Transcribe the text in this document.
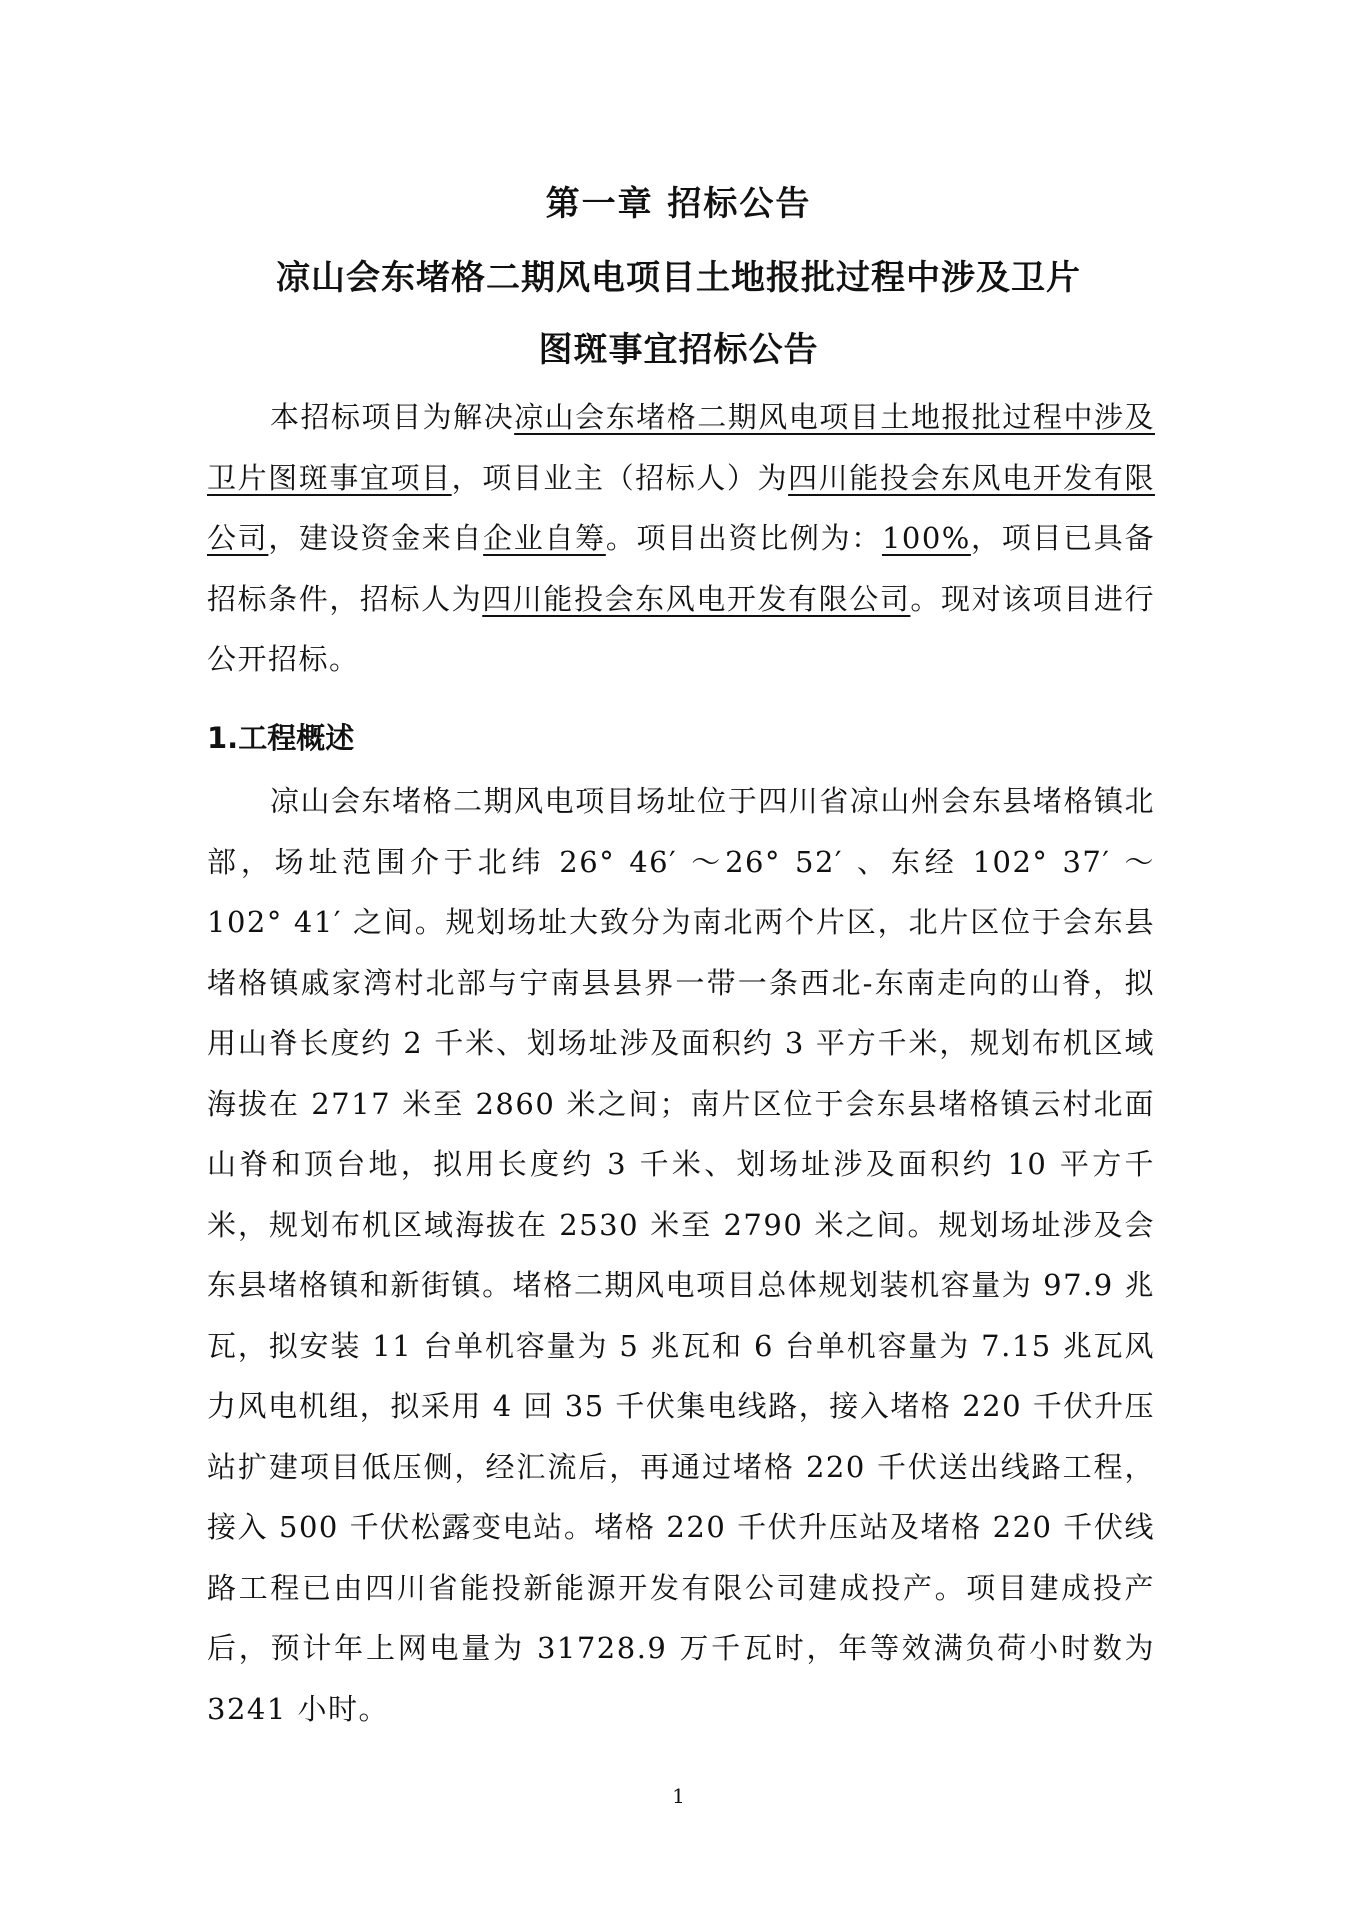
第一章 招标公告
凉山会东堵格二期风电项目土地报批过程中涉及卫片
图斑事宜招标公告

本招标项目为解决凉山会东堵格二期风电项目土地报批过程中涉及卫片图斑事宜项目，项目业主（招标人）为四川能投会东风电开发有限公司，建设资金来自企业自筹。项目出资比例为：100%，项目已具备招标条件，招标人为四川能投会东风电开发有限公司。现对该项目进行公开招标。

1.工程概述

凉山会东堵格二期风电项目场址位于四川省凉山州会东县堵格镇北部，场址范围介于北纬 26° 46′ ～26° 52′ 、东经 102° 37′ ～102° 41′ 之间。规划场址大致分为南北两个片区，北片区位于会东县堵格镇戚家湾村北部与宁南县县界一带一条西北-东南走向的山脊，拟用山脊长度约 2 千米、划场址涉及面积约 3 平方千米，规划布机区域海拔在 2717 米至 2860 米之间；南片区位于会东县堵格镇云村北面山脊和顶台地，拟用长度约 3 千米、划场址涉及面积约 10 平方千米，规划布机区域海拔在 2530 米至 2790 米之间。规划场址涉及会东县堵格镇和新街镇。堵格二期风电项目总体规划装机容量为 97.9 兆瓦，拟安装 11 台单机容量为 5 兆瓦和 6 台单机容量为 7.15 兆瓦风力风电机组，拟采用 4 回 35 千伏集电线路，接入堵格 220 千伏升压站扩建项目低压侧，经汇流后，再通过堵格 220 千伏送出线路工程，接入 500 千伏松露变电站。堵格 220 千伏升压站及堵格 220 千伏线路工程已由四川省能投新能源开发有限公司建成投产。项目建成投产后，预计年上网电量为 31728.9 万千瓦时，年等效满负荷小时数为 3241 小时。

1
